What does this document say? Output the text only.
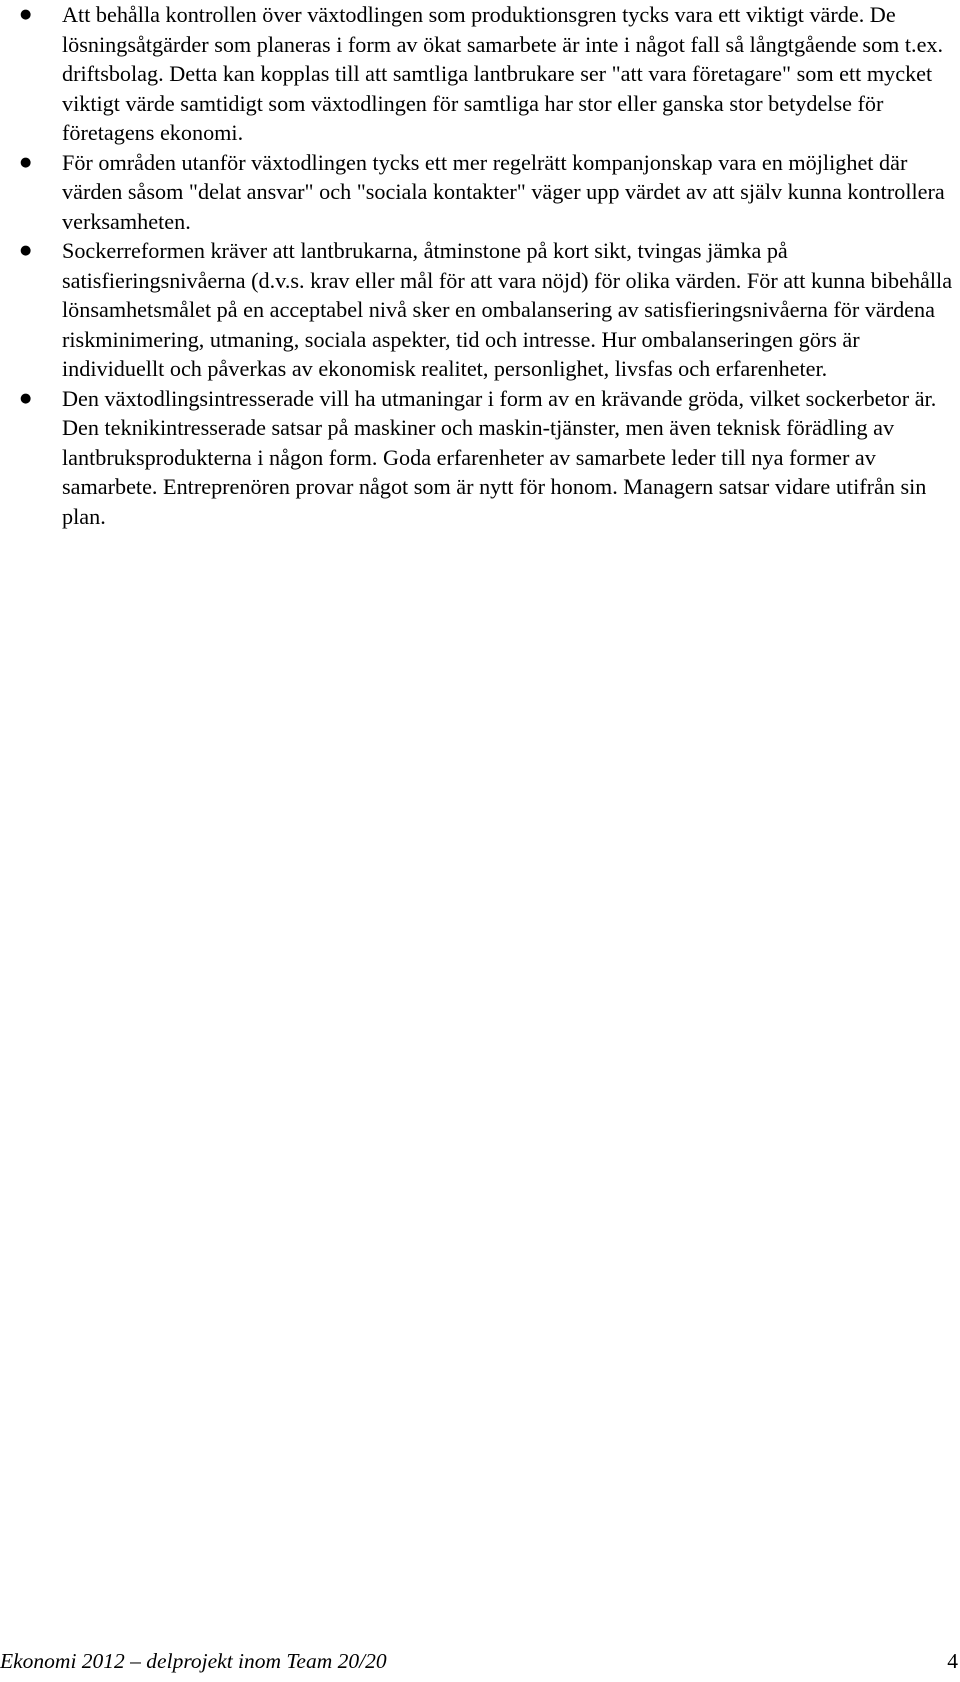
● Att behålla kontrollen över växtodlingen som produktionsgren tycks vara ett viktigt värde. De lösningsåtgärder som planeras i form av ökat samarbete är inte i något fall så långtgående som t.ex. driftsbolag. Detta kan kopplas till att samtliga lantbrukare ser "att vara företagare" som ett mycket viktigt värde samtidigt som växtodlingen för samtliga har stor eller ganska stor betydelse för företagens ekonomi.
● För områden utanför växtodlingen tycks ett mer regelrätt kompanjonskap vara en möjlighet där värden såsom "delat ansvar" och "sociala kontakter" väger upp värdet av att själv kunna kontrollera verksamheten.
● Sockerreformen kräver att lantbrukarna, åtminstone på kort sikt, tvingas jämka på satisfieringsnivåerna (d.v.s. krav eller mål för att vara nöjd) för olika värden. För att kunna bibehålla lönsamhetsmålet på en acceptabel nivå sker en ombalansering av satisfieringsnivåerna för värdena riskminimering, utmaning, sociala aspekter, tid och intresse. Hur ombalanseringen görs är individuellt och påverkas av ekonomisk realitet, personlighet, livsfas och erfarenheter.
● Den växtodlingsintresserade vill ha utmaningar i form av en krävande gröda, vilket sockerbetor är. Den teknikintresserade satsar på maskiner och maskin-tjänster, men även teknisk förädling av lantbruksprodukterna i någon form. Goda erfarenheter av samarbete leder till nya former av samarbete. Entreprenören provar något som är nytt för honom. Managern satsar vidare utifrån sin plan.
Ekonomi 2012 – delprojekt inom Team 20/20	4
